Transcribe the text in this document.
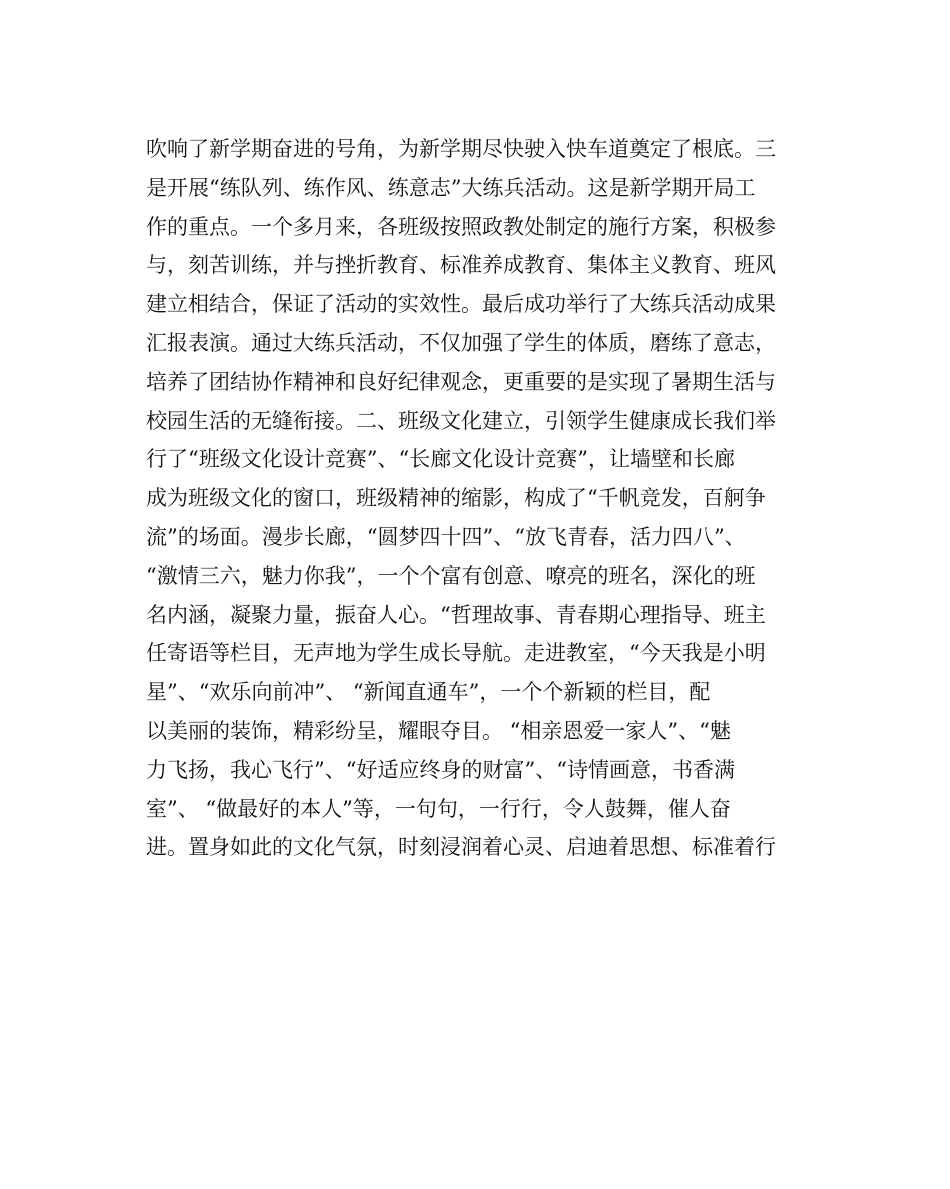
吹响了新学期奋进的号角，为新学期尽快驶入快车道奠定了根底。三
是开展“练队列、练作风、练意志”大练兵活动。这是新学期开局工
作的重点。一个多月来，各班级按照政教处制定的施行方案，积极参
与，刻苦训练，并与挫折教育、标准养成教育、集体主义教育、班风
建立相结合，保证了活动的实效性。最后成功举行了大练兵活动成果
汇报表演。通过大练兵活动，不仅加强了学生的体质，磨练了意志，
培养了团结协作精神和良好纪律观念，更重要的是实现了暑期生活与
校园生活的无缝衔接。二、班级文化建立，引领学生健康成长我们举
行了“班级文化设计竞赛”、“长廊文化设计竞赛”，让墙壁和长廊
成为班级文化的窗口，班级精神的缩影，构成了“千帆竞发，百舸争
流”的场面。漫步长廊，“圆梦四十四”、“放飞青春，活力四八”、
“激情三六，魅力你我”，一个个富有创意、嘹亮的班名，深化的班
名内涵，凝聚力量，振奋人心。“哲理故事、青春期心理指导、班主
任寄语等栏目，无声地为学生成长导航。走进教室，“今天我是小明
星”、“欢乐向前冲”、 “新闻直通车”，一个个新颖的栏目，配
以美丽的装饰，精彩纷呈，耀眼夺目。 “相亲恩爱一家人”、“魅
力飞扬，我心飞行”、“好适应终身的财富”、“诗情画意，书香满
室”、 “做最好的本人”等，一句句，一行行，令人鼓舞，催人奋
进。置身如此的文化气氛，时刻浸润着心灵、启迪着思想、标准着行
